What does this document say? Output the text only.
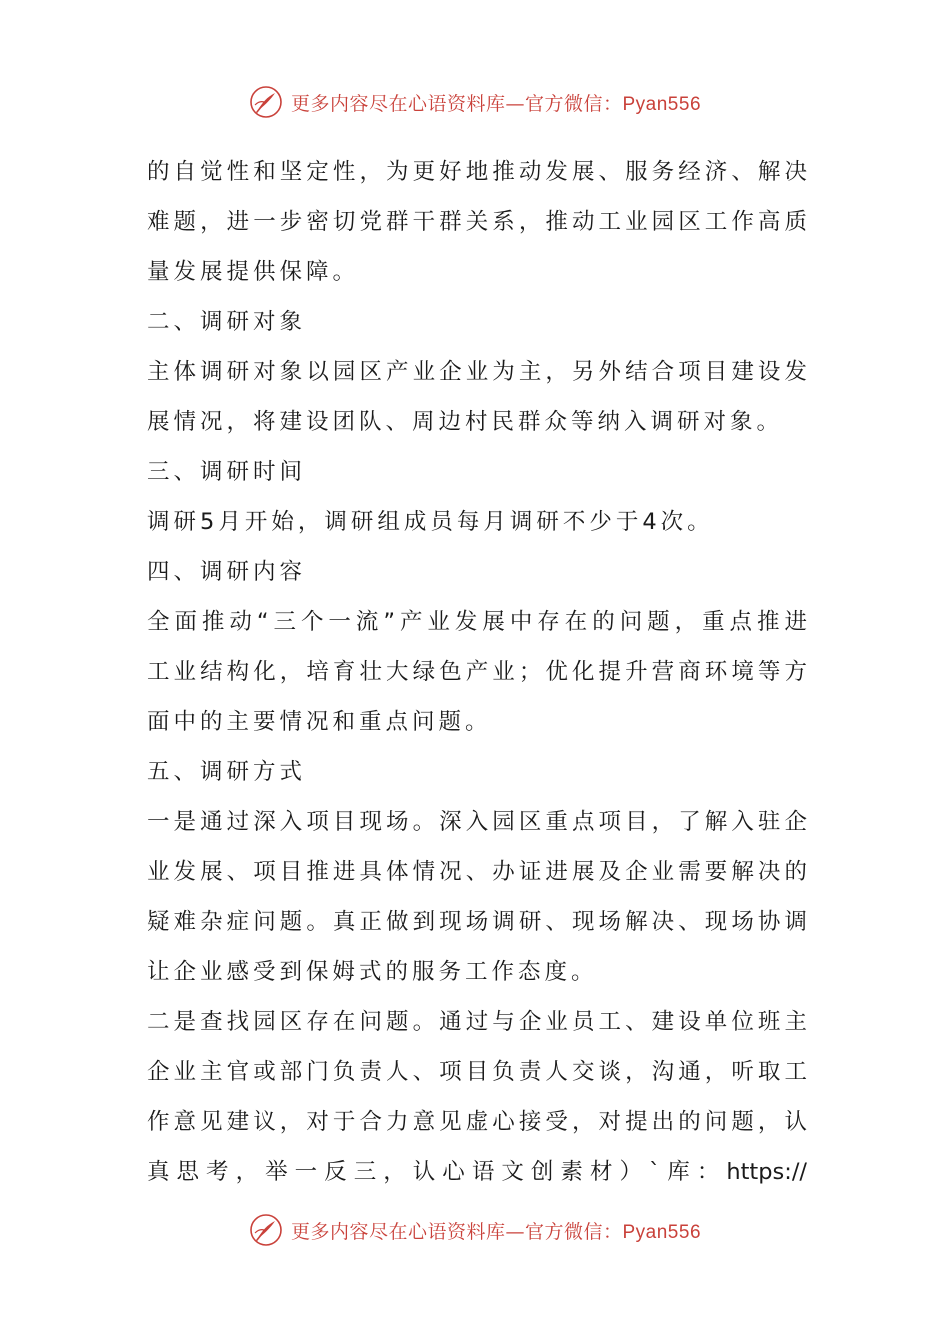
更多内容尽在心语资料库—官方微信：Pyan556
的自觉性和坚定性，为更好地推动发展、服务经济、解决
难题，进一步密切党群干群关系，推动工业园区工作高质
量发展提供保障。
二、调研对象
主体调研对象以园区产业企业为主，另外结合项目建设发
展情况，将建设团队、周边村民群众等纳入调研对象。
三、调研时间
调研5月开始，调研组成员每月调研不少于4次。
四、调研内容
全面推动“三个一流”产业发展中存在的问题，重点推进
工业结构化，培育壮大绿色产业；优化提升营商环境等方
面中的主要情况和重点问题。
五、调研方式
一是通过深入项目现场。深入园区重点项目，了解入驻企
业发展、项目推进具体情况、办证进展及企业需要解决的
疑难杂症问题。真正做到现场调研、现场解决、现场协调
让企业感受到保姆式的服务工作态度。
二是查找园区存在问题。通过与企业员工、建设单位班主
企业主官或部门负责人、项目负责人交谈，沟通，听取工
作意见建议，对于合力意见虚心接受，对提出的问题，认
真思考，举一反三，认心语文创素材）`库：https://
更多内容尽在心语资料库—官方微信：Pyan556
